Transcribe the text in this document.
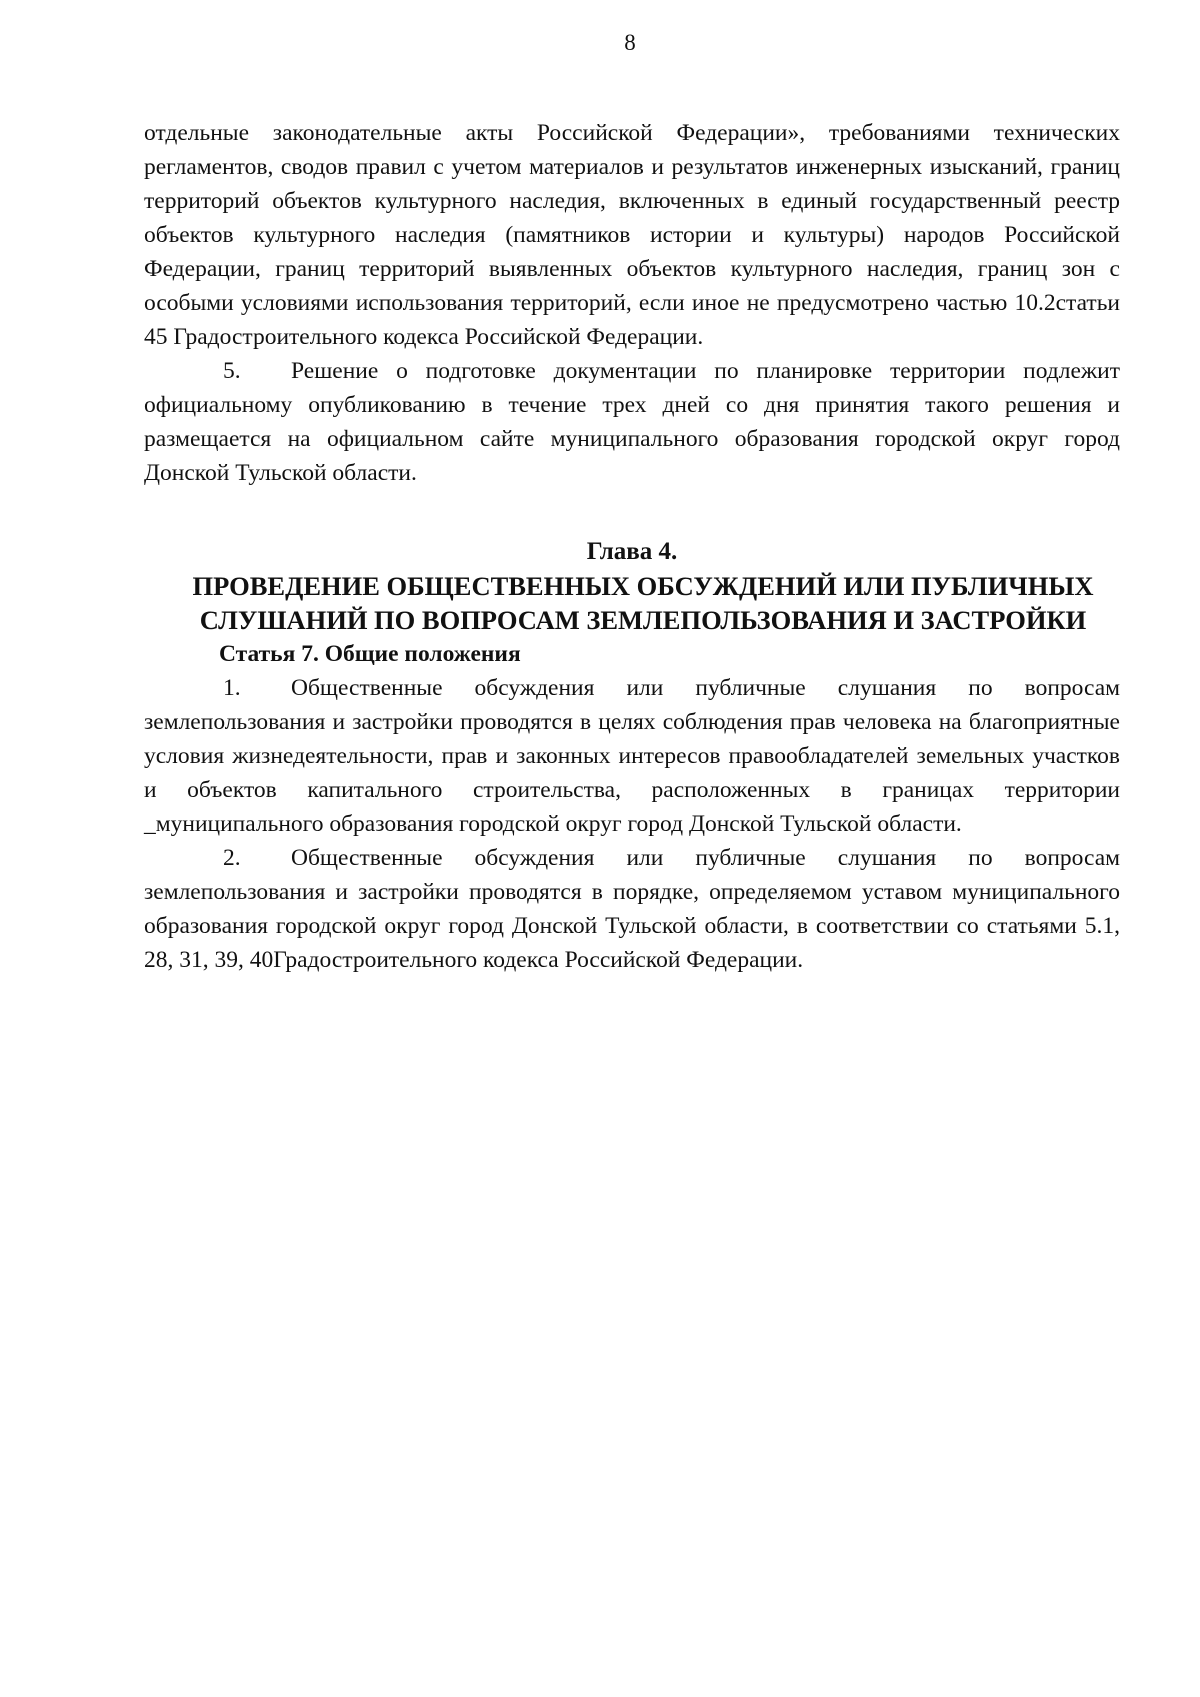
8

отдельные законодательные акты Российской Федерации», требованиями технических регламентов, сводов правил с учетом материалов и результатов инженерных изысканий, границ территорий объектов культурного наследия, включенных в единый государственный реестр объектов культурного наследия (памятников истории и культуры) народов Российской Федерации, границ территорий выявленных объектов культурного наследия, границ зон с особыми условиями использования территорий, если иное не предусмотрено частью 10.2статьи 45 Градостроительного кодекса Российской Федерации.

5. Решение о подготовке документации по планировке территории подлежит официальному опубликованию в течение трех дней со дня принятия такого решения и размещается на официальном сайте муниципального образования городской округ город Донской Тульской области.

Глава 4.

ПРОВЕДЕНИЕ ОБЩЕСТВЕННЫХ ОБСУЖДЕНИЙ ИЛИ ПУБЛИЧНЫХ

СЛУШАНИЙ ПО ВОПРОСАМ ЗЕМЛЕПОЛЬЗОВАНИЯ И ЗАСТРОЙКИ

Статья 7. Общие положения

1. Общественные обсуждения или публичные слушания по вопросам землепользования и застройки проводятся в целях соблюдения прав человека на благоприятные условия жизнедеятельности, прав и законных интересов правообладателей земельных участков и объектов капитального строительства, расположенных в границах территории _муниципального образования городской округ город Донской Тульской области.

2. Общественные обсуждения или публичные слушания по вопросам землепользования и застройки проводятся в порядке, определяемом уставом муниципального образования городской округ город Донской Тульской области, в соответствии со статьями 5.1, 28, 31, 39, 40Градостроительного кодекса Российской Федерации.
